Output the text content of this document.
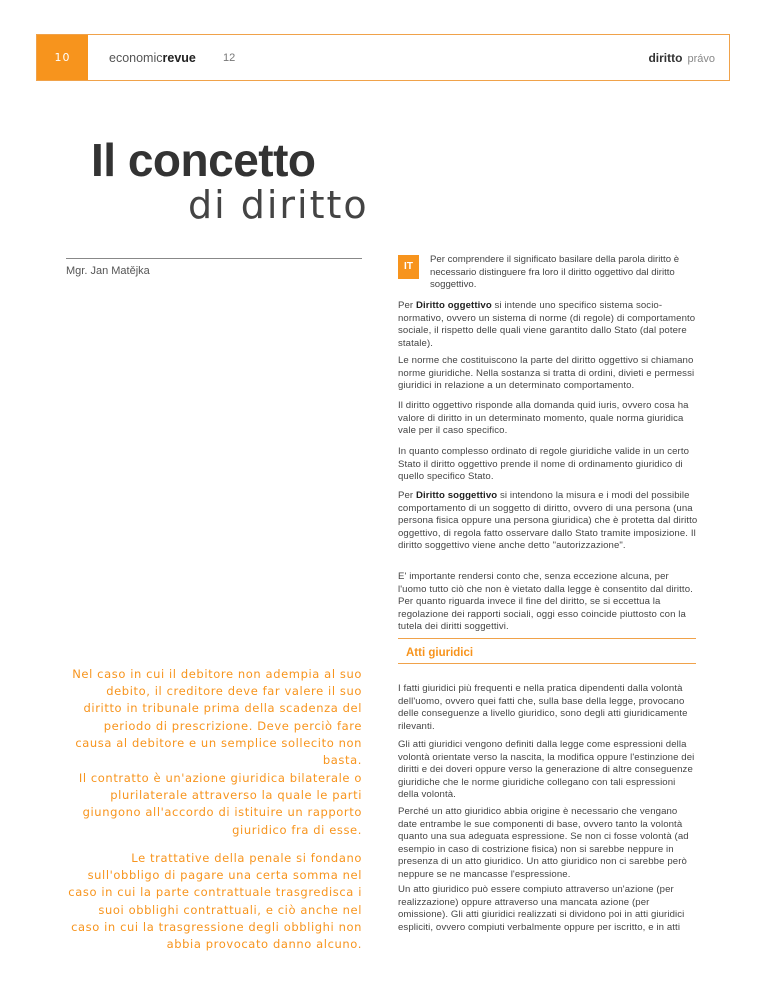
10	economicrevue 12	diritto právo
Il concetto
di diritto
Mgr. Jan Matějka	IT
Per comprendere il significato basilare della parola diritto è necessario distinguere fra loro il diritto oggettivo dal diritto soggettivo.
Per Diritto oggettivo si intende uno specifico sistema socio-normativo, ovvero un sistema di norme (di regole) di comportamento sociale, il rispetto delle quali viene garantito dallo Stato (dal potere statale).
Le norme che costituiscono la parte del diritto oggettivo si chiamano norme giuridiche. Nella sostanza si tratta di ordini, divieti e permessi giuridici in relazione a un determinato comportamento.
Il diritto oggettivo risponde alla domanda quid iuris, ovvero cosa ha valore di diritto in un determinato momento, quale norma giuridica vale per il caso specifico.
In quanto complesso ordinato di regole giuridiche valide in un certo Stato il diritto oggettivo prende il nome di ordinamento giuridico di quello specifico Stato.
Per Diritto soggettivo si intendono la misura e i modi del possibile comportamento di un soggetto di diritto, ovvero di una persona (una persona fisica oppure una persona giuridica) che è protetta dal diritto oggettivo, di regola fatto osservare dallo Stato tramite imposizione. Il diritto soggettivo viene anche detto "autorizzazione".
E' importante rendersi conto che, senza eccezione alcuna, per l'uomo tutto ciò che non è vietato dalla legge è consentito dal diritto. Per quanto riguarda invece il fine del diritto, se si eccettua la regolazione dei rapporti sociali, oggi esso coincide piuttosto con la tutela dei diritti soggettivi.
Atti giuridici
I fatti giuridici più frequenti e nella pratica dipendenti dalla volontà dell'uomo, ovvero quei fatti che, sulla base della legge, provocano delle conseguenze a livello giuridico, sono degli atti giuridicamente rilevanti.
Gli atti giuridici vengono definiti dalla legge come espressioni della volontà orientate verso la nascita, la modifica oppure l'estinzione dei diritti e dei doveri oppure verso la generazione di altre conseguenze giuridiche che le norme giuridiche collegano con tali espressioni della volontà.
Perché un atto giuridico abbia origine è necessario che vengano date entrambe le sue componenti di base, ovvero tanto la volontà quanto una sua adeguata espressione. Se non ci fosse volontà (ad esempio in caso di costrizione fisica) non si sarebbe neppure in presenza di un atto giuridico. Un atto giuridico non ci sarebbe però neppure se ne mancasse l'espressione.
Un atto giuridico può essere compiuto attraverso un'azione (per realizzazione) oppure attraverso una mancata azione (per omissione). Gli atti giuridici realizzati si dividono poi in atti giuridici espliciti, ovvero compiuti verbalmente oppure per iscritto, e in atti
Nel caso in cui il debitore non adempia al suo debito, il creditore deve far valere il suo diritto in tribunale prima della scadenza del periodo di prescrizione. Deve perciò fare causa al debitore e un semplice sollecito non basta.
Il contratto è un'azione giuridica bilaterale o plurilaterale attraverso la quale le parti giungono all'accordo di istituire un rapporto giuridico fra di esse.
Le trattative della penale si fondano sull'obbligo di pagare una certa somma nel caso in cui la parte contrattuale trasgredisca i suoi obblighi contrattuali, e ciò anche nel caso in cui la trasgressione degli obblighi non abbia provocato danno alcuno.
